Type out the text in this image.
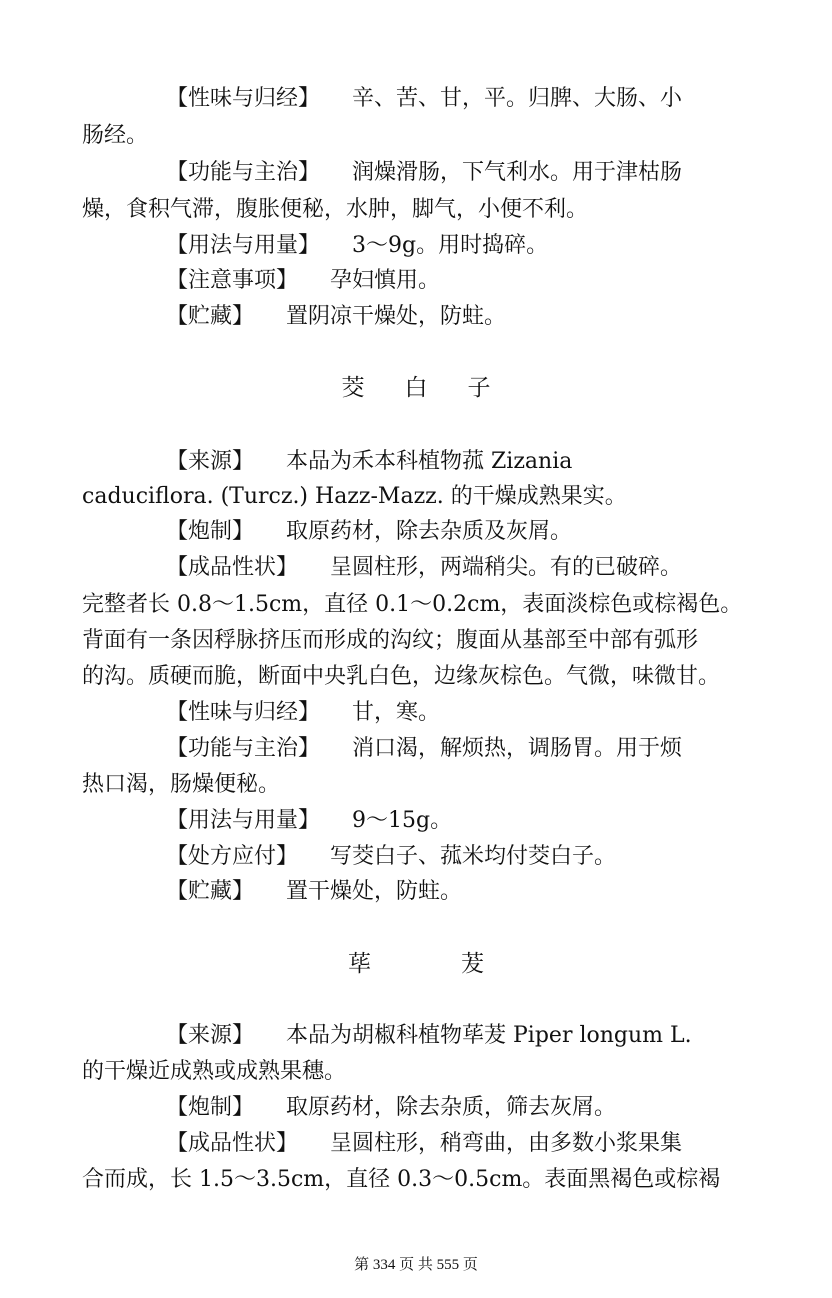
【性味与归经】 辛、苦、甘，平。归脾、大肠、小
肠经。
【功能与主治】 润燥滑肠，下气利水。用于津枯肠
燥，食积气滞，腹胀便秘，水肿，脚气，小便不利。
【用法与用量】 3～9g。用时捣碎。
【注意事项】 孕妇慎用。
【贮藏】 置阴凉干燥处，防蛀。
茭白子
【来源】 本品为禾本科植物菰 Zizania
caduciflora. (Turcz.) Hazz-Mazz. 的干燥成熟果实。
【炮制】 取原药材，除去杂质及灰屑。
【成品性状】 呈圆柱形，两端稍尖。有的已破碎。
完整者长 0.8～1.5cm，直径 0.1～0.2cm，表面淡棕色或棕褐色。
背面有一条因稃脉挤压而形成的沟纹；腹面从基部至中部有弧形
的沟。质硬而脆，断面中央乳白色，边缘灰棕色。气微，味微甘。
【性味与归经】 甘，寒。
【功能与主治】 消口渴，解烦热，调肠胃。用于烦
热口渴，肠燥便秘。
【用法与用量】 9～15g。
【处方应付】 写茭白子、菰米均付茭白子。
【贮藏】 置干燥处，防蛀。
荜茇
【来源】 本品为胡椒科植物荜茇 Piper longum L.
的干燥近成熟或成熟果穗。
【炮制】 取原药材，除去杂质，筛去灰屑。
【成品性状】 呈圆柱形，稍弯曲，由多数小浆果集
合而成，长 1.5～3.5cm，直径 0.3～0.5cm。表面黑褐色或棕褐
第 334 页 共 555 页
